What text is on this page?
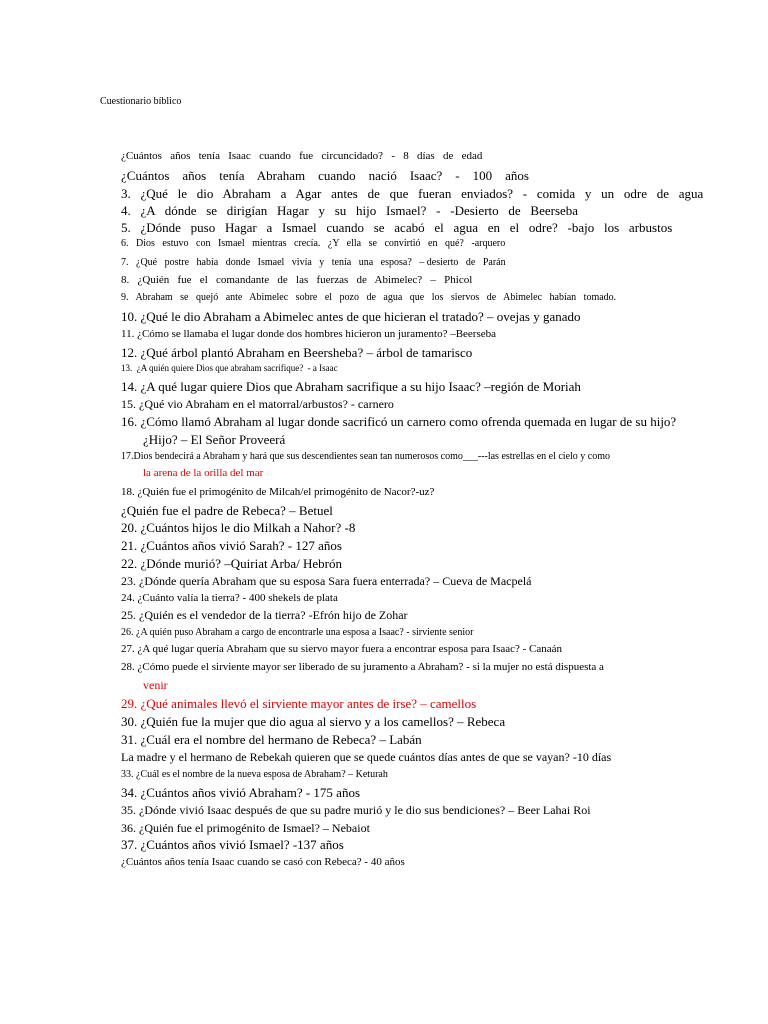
Cuestionario bíblico
¿Cuántos   años   tenía   Isaac   cuando   fue   circuncidado?   -   8   días   de   edad
¿Cuántos    años    tenía    Abraham    cuando    nació    Isaac?    -    100    años
3.   ¿Qué   le   dio   Abraham   a   Agar   antes   de   que   fueran   enviados?   -   comida   y   un   odre   de   agua
4.   ¿A   dónde   se   dirigían   Hagar   y   su   hijo   Ismael?   -   -Desierto   de   Beerseba
5.   ¿Dónde   puso   Hagar   a   Ismael   cuando   se   acabó   el   agua   en   el   odre?   -bajo   los   arbustos
6.   Dios   estuvo   con   Ismael   mientras   crecía.   ¿Y   ella   se   convirtió   en   qué?   -arquero
7.   ¿Qué   postre   había   donde   Ismael   vivía   y   tenía   una   esposa?   – desierto   de   Parán
8.   ¿Quién   fue   el   comandante   de   las   fuerzas   de   Abimelec?   –   Phicol
9.   Abraham   se   quejó   ante   Abimelec   sobre   el   pozo   de   agua   que   los   siervos   de   Abimelec   habían   tomado.
10. ¿Qué le dio Abraham a Abimelec antes de que hicieran el tratado? – ovejas y ganado
11. ¿Cómo se llamaba el lugar donde dos hombres hicieron un juramento? –Beerseba
12. ¿Qué árbol plantó Abraham en Beersheba? – árbol de tamarisco
13.  ¿A quién quiere Dios que abraham sacrifique?  - a Isaac
14. ¿A qué lugar quiere Dios que Abraham sacrifique a su hijo Isaac? –región de Moriah
15. ¿Qué vio Abraham en el matorral/arbustos? - carnero
16. ¿Cómo llamó Abraham al lugar donde sacrificó un carnero como ofrenda quemada en lugar de su hijo?
¿Hijo? – El Señor Proveerá
17.Dios bendecirá a Abraham y hará que sus descendientes sean tan numerosos como___---las estrellas en el cielo y como
la arena de la orilla del mar
18. ¿Quién fue el primogénito de Milcah/el primogénito de Nacor?-uz?
¿Quién fue el padre de Rebeca? – Betuel
20. ¿Cuántos hijos le dio Milkah a Nahor? -8
21. ¿Cuántos años vivió Sarah? - 127 años
22. ¿Dónde murió? –Quiriat Arba/ Hebrón
23. ¿Dónde quería Abraham que su esposa Sara fuera enterrada? – Cueva de Macpelá
24. ¿Cuánto valía la tierra? - 400 shekels de plata
25. ¿Quién es el vendedor de la tierra? -Efrón hijo de Zohar
26. ¿A quién puso Abraham a cargo de encontrarle una esposa a Isaac? - sirviente senior
27. ¿A qué lugar quería Abraham que su siervo mayor fuera a encontrar esposa para Isaac? - Canaán
28. ¿Cómo puede el sirviente mayor ser liberado de su juramento a Abraham? - si la mujer no está dispuesta a
venir
29. ¿Qué animales llevó el sirviente mayor antes de irse? – camellos
30. ¿Quién fue la mujer que dio agua al siervo y a los camellos? – Rebeca
31. ¿Cuál era el nombre del hermano de Rebeca? – Labán
La madre y el hermano de Rebekah quieren que se quede cuántos días antes de que se vayan? -10 días
33. ¿Cuál es el nombre de la nueva esposa de Abraham? – Keturah
34. ¿Cuántos años vivió Abraham? - 175 años
35. ¿Dónde vivió Isaac después de que su padre murió y le dio sus bendiciones? – Beer Lahai Roi
36. ¿Quién fue el primogénito de Ismael? – Nebaiot
37. ¿Cuántos años vivió Ismael? -137 años
¿Cuántos años tenía Isaac cuando se casó con Rebeca? - 40 años
